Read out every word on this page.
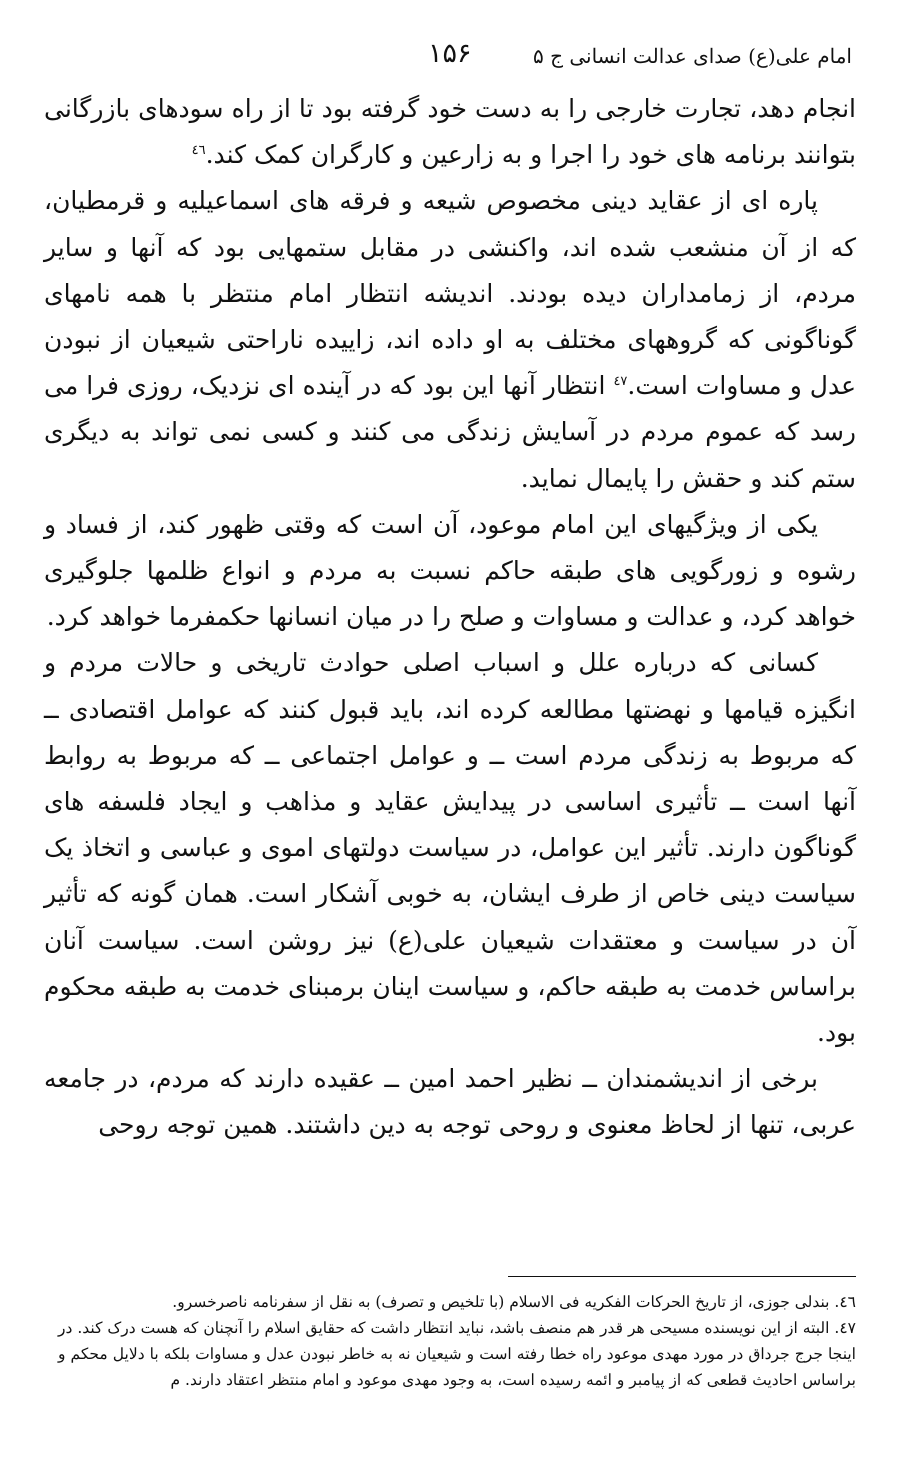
امام علی(ع) صدای عدالت انسانی ج ۵
۱۵۶

انجام دهد، تجارت خارجی را به دست خود گرفته بود تا از راه سودهای بازرگانی بتوانند برنامه های خود را اجرا و به زارعین و کارگران کمک کند.$^{٤٦}$

پاره ای از عقاید دینی مخصوص شیعه و فرقه های اسماعیلیه و قرمطیان، که از آن منشعب شده اند، واکنشی در مقابل ستمهایی بود که آنها و سایر مردم، از زمامداران دیده بودند. اندیشه انتظار امام منتظر با همه نامهای گوناگونی که گروههای مختلف به او داده اند، زاییده ناراحتی شیعیان از نبودن عدل و مساوات است.$^{٤٧}$ انتظار آنها این بود که در آینده ای نزدیک، روزی فرا می رسد که عموم مردم در آسایش زندگی می کنند و کسی نمی تواند به دیگری ستم کند و حقش را پایمال نماید.

یکی از ویژگیهای این امام موعود، آن است که وقتی ظهور کند، از فساد و رشوه و زورگویی های طبقه حاکم نسبت به مردم و انواع ظلمها جلوگیری خواهد کرد، و عدالت و مساوات و صلح را در میان انسانها حکمفرما خواهد کرد.

کسانی که درباره علل و اسباب اصلی حوادث تاریخی و حالات مردم و انگیزه قیامها و نهضتها مطالعه کرده اند، باید قبول کنند که عوامل اقتصادی ــ که مربوط به زندگی مردم است ــ و عوامل اجتماعی ــ که مربوط به روابط آنها است ــ تأثیری اساسی در پیدایش عقاید و مذاهب و ایجاد فلسفه های گوناگون دارند. تأثیر این عوامل، در سیاست دولتهای اموی و عباسی و اتخاذ یک سیاست دینی خاص از طرف ایشان، به خوبی آشکار است. همان گونه که تأثیر آن در سیاست و معتقدات شیعیان علی(ع) نیز روشن است. سیاست آنان براساس خدمت به طبقه حاکم، و سیاست اینان برمبنای خدمت به طبقه محکوم بود.

برخی از اندیشمندان ــ نظیر احمد امین ــ عقیده دارند که مردم، در جامعه عربی، تنها از لحاظ معنوی و روحی توجه به دین داشتند. همین توجه روحی

٤٦. بندلی جوزی، از تاریخ الحرکات الفکریه فی الاسلام (با تلخیص و تصرف) به نقل از سفرنامه ناصرخسرو.

٤٧. البته از این نویسنده مسیحی هر قدر هم منصف باشد، نباید انتظار داشت که حقایق اسلام را آنچنان که هست درک کند. در اینجا جرج جرداق در مورد مهدی موعود راه خطا رفته است و شیعیان نه به خاطر نبودن عدل و مساوات بلکه با دلایل محکم و براساس احادیث قطعی که از پیامبر و ائمه رسیده است، به وجود مهدی موعود و امام منتظر اعتقاد دارند. م
